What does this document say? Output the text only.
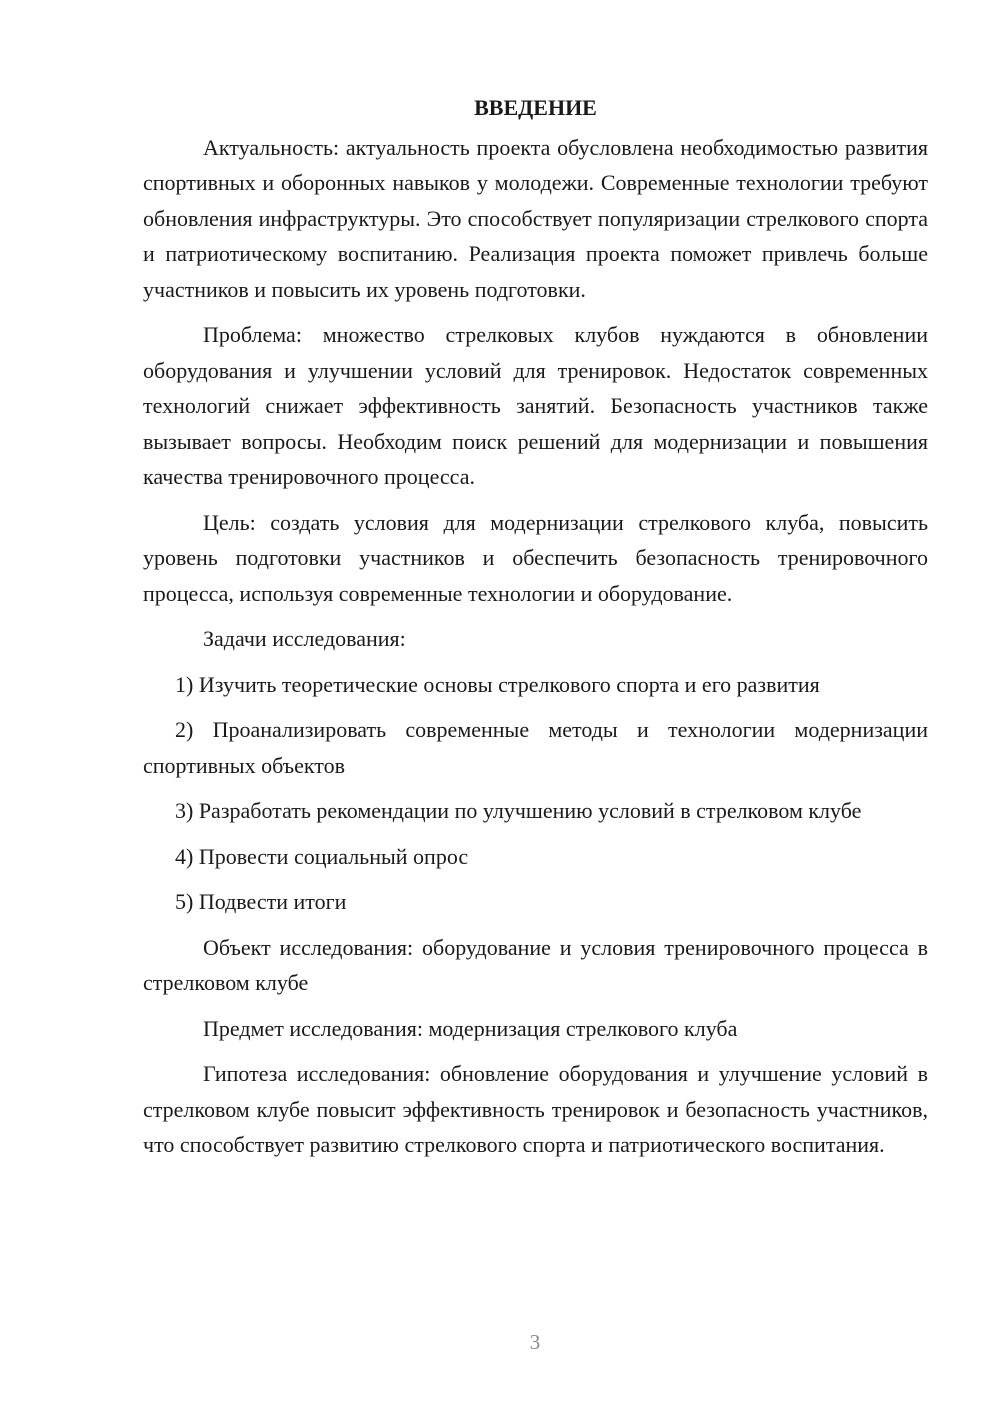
ВВЕДЕНИЕ

Актуальность: актуальность проекта обусловлена необходимостью развития спортивных и оборонных навыков у молодежи. Современные технологии требуют обновления инфраструктуры. Это способствует популяризации стрелкового спорта и патриотическому воспитанию. Реализация проекта поможет привлечь больше участников и повысить их уровень подготовки.

Проблема: множество стрелковых клубов нуждаются в обновлении оборудования и улучшении условий для тренировок. Недостаток современных технологий снижает эффективность занятий. Безопасность участников также вызывает вопросы. Необходим поиск решений для модернизации и повышения качества тренировочного процесса.

Цель: создать условия для модернизации стрелкового клуба, повысить уровень подготовки участников и обеспечить безопасность тренировочного процесса, используя современные технологии и оборудование.

Задачи исследования:

1) Изучить теоретические основы стрелкового спорта и его развития

2) Проанализировать современные методы и технологии модернизации спортивных объектов

3) Разработать рекомендации по улучшению условий в стрелковом клубе

4) Провести социальный опрос

5) Подвести итоги

Объект исследования: оборудование и условия тренировочного процесса в стрелковом клубе

Предмет исследования: модернизация стрелкового клуба

Гипотеза исследования: обновление оборудования и улучшение условий в стрелковом клубе повысит эффективность тренировок и безопасность участников, что способствует развитию стрелкового спорта и патриотического воспитания.

3
